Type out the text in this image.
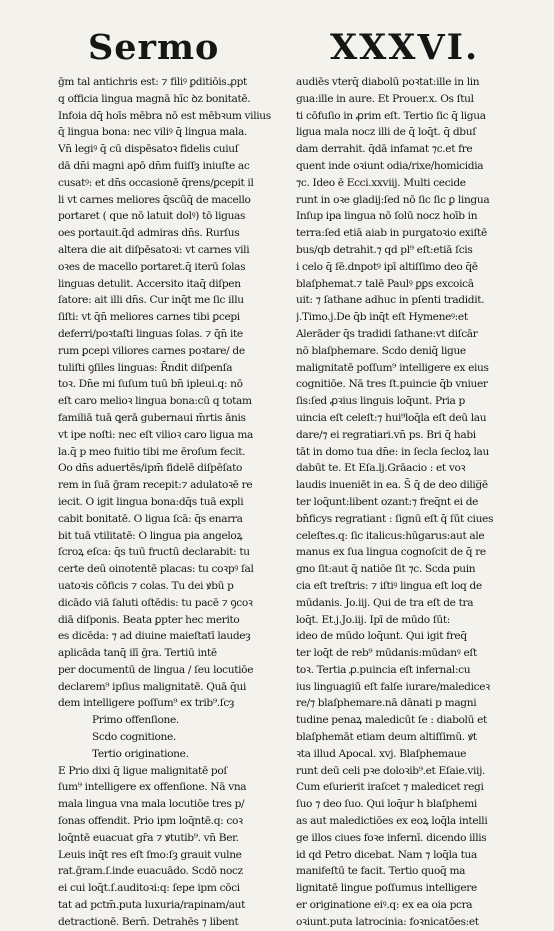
Sermo	XXXVI.
ḡm tal antichris est: ⁊ filiꝰ ꝑditiōis.ꝓpt
q officia lingua magnā hīc ꝺz bonitatē.
Infoia dq̄ hoīs mēbra nō est mēbꝛum vilius
q̄ lingua bona: nec viliꝰ q̄ lingua mala.
Vn̄ legiꝰ q̄ cū dispēsatoꝛ fidelis cuiuſ
dā dn̄i magni apō dn̄m fuiſſȝ iniuſte ac
cusatꝰ: et dn̄s occasionē q̄rens/ꝑcepit il
li vt carnes meliores q̄scūq̄ de macello
portaret ( que nō latuit dolꝰ) tō liguas
oes portauit.q̄d admiras dn̄s. Rurſus
altera die ait diſpēsatoꝛi: vt carnes vili
oꝛes de macello portaret.q̄ iterū ſolas
linguas detulit. Accersito itaq̄ diſpen
ſatore: ait illi dn̄s. Cur inq̄t me ſic illu
ſiſti: vt q̄n̄ meliores carnes tibi ꝑcepi
deferri/poꝛtaſti linguas ſolas. ⁊ q̄n̄ ite
rum ꝑcepi viliores carnes poꝛtare/ de
tuliſti ꝯſiles linguas: R̄ndit diſpenſa
toꝛ. Dn̄e mi ſuſum tuū bn̄ ipleui.q: nō
eſt caro melioꝛ lingua bona:cū q totam
familiā tuā ꝗerā gubernaui m̄rtis ānis
vt ipe noſti: nec eſt vilioꝛ caro ligua ma
la.q̄ p meo fuitio tibi me ēroſum fecit.
Oo dn̄s aduertēs/ipm̄ fidelē diſpēſato
rem in ſuā ḡram recepit:⁊ adulatoꝛē re
iecit. O igit lingua bona:dq̄s tuā expli
cabit bonitatē. O ligua ſcā: q̄s enarra
bit tuā vtilitatē: O lingua pia angeloꝝ
ſcroꝝ eſca: q̄s tuū fructū declarabit: tu
certe deū oiпotentē placas: tu coꝛpꝰ ſal
uatoꝛis cōficis ⁊ colas. Tu dei ꝟbū p
dicādo viā ſaluti oſtēdis: tu pacē ⁊ ꝯcoꝛ
diā diſponis. Beata ꝑpter hec merito
es dicēda: ⁊ ad diuine maieſtatī laudeȝ
aplicāda tanq̄ ilī ḡra. Tertiū intē
per documentū de lingua / ſeu locutiōe
declarem⁹ ipſius malignitatē. Quā q̄ui
dem intelligere poſſum⁹ ex trib⁹.ſcȝ
Primo offenſione.
Scdo cognitione.
Tertio originatione.
E Prio dixi q̄ ligue malignitatē poſ
ſum⁹ intelligere ex offenſione. Nā vna
mala lingua vna mala locutiōe tres p/
ſonas offendit. Prio ipm loq̄ntē.q: coꝛ
loq̄ntē euacuat gr̄a ⁊ ꝟtutib⁹. vn̄ Ber.
Leuis inq̄t res eſt ſmo:ſȝ grauit vulne
rat.ḡram.ſ.inde euacuādo. Scdō nocz
ei cui loq̄t.ſ.auditoꝛi:q: ſepe ipm cōci
tat ad pctm̄.puta luxuria/rapinam/aut
detractionē. Bern̄. Detrahēs ⁊ libent
audiēs vterq̄ diabolū poꝛtat:ille in lin
gua:ille in aure. Et Prouer.x. Os ſtul
ti cōfuſio in ꝓrim eſt. Tertio ſic q̄ ligua
ligua mala nocz illi de q̄ loq̄t. q̄ dbuſ
dam derrahit. q̄dā infamat ⁊c.et fre
quent inde oꝛiunt odia/rixe/homicidia
⁊c. Ideo ē Ecci.xxviij. Multi cecide
runt in oꝛe gladij:ſed nō ſic ſic ꝑ lingua
Inſup ipa lingua nō ſolū nocz hoīb in
terra:ſed etiā aiab in purgatoꝛio exiſtē
bus/qb detrahit.⁊ qd pl⁹ eſt:etiā ſcis
i celo q̄ ſē.dnpotꝰ ipī altiſſimo deo q̄ē
blaſphemat.⁊ talē Paulꝰ ꝑꝑs excoicā
uit: ⁊ ſathane adhuc in pſenti tradidit.
j.Timo.j.De q̄b inq̄t eſt Hymeneꝰ:et
Alerāder q̄s tradidi ſathane:vt diſcār
nō blaſphemare. Scdo deniq̄ ligue
malignitatē poſſum⁹ intelligere ex eius
cognitiōe. Nā tres ſt.puincie q̄b vniuer
ſis:ſed ꝓꝛius linguis loq̄unt. Pria p
uincia eſt celeſt:⁊ hui⁹loq̄la eſt deū lau
dare/⁊ ei regratiari.vn̄ ps. Bri q̄ habi
tāt in domo tua dn̄e: in ſecla ſecloꝝ lau
dabūt te. Et Eſa.lj.Grāacio : et voꝛ
laudis inueniēt in ea. S̄ q̄ de deo dilig̅ē
ter loq̄unt:libent ozant:⁊ freq̄nt ei de
bn̄ficys regratiant : ſignū eſt q̄ ſūt ciues
celeſtes.q: ſic italicus:hūgarus:aut ale
manus ex ſua lingua cognoſcit de q̄ re
gno ſit:aut q̄ natiōe ſit ⁊c. Scda puin
cia eſt treſtris: ⁊ iſtiꝰ lingua eſt loq de
mūdanis. Jo.iij. Qui de tra eſt de tra
loq̄t. Et.j.Jo.iij. Ipī de mūdo ſūt:
ideo de mūdo loq̄unt. Qui igit freq̄
ter loq̄t de reb⁹ mūdanis:mūdanꝰ eſt
toꝛ. Tertia ꝓ.puincia eſt infernal:cu
ius linguagiū eſt falſe iurare/malediceꝛ
re/⁊ blaſphemare.nā dānati p magni
tudine penaꝝ maledicūt ſe : diabolū et
blaſphemāt etiam deum altiſſimū. ꝟt
ꝛta illud Apocal. xvj. Blaſphemaue
runt deū celi pꝛe doloꝛib⁹.et Eſaie.viij.
Cum eſurierit iraſcet ⁊ maledicet regi
ſuo ⁊ deo ſuo. Qui loq̄ur h blaſphemi
as aut maledictiōes ex eoꝝ loq̄la intelli
ge illos ciues foꝛe infernī. dicendo illis
id qd Petro dicebat. Nam ⁊ loq̄la tua
manifeſtū te facit. Tertio quoq̄ ma
lignitatē lingue poſſumus intelligere
er originatione eiꝰ.q: ex ea oia pcra
oꝛiunt.puta latrocinia: foꝛnicatōes:et
